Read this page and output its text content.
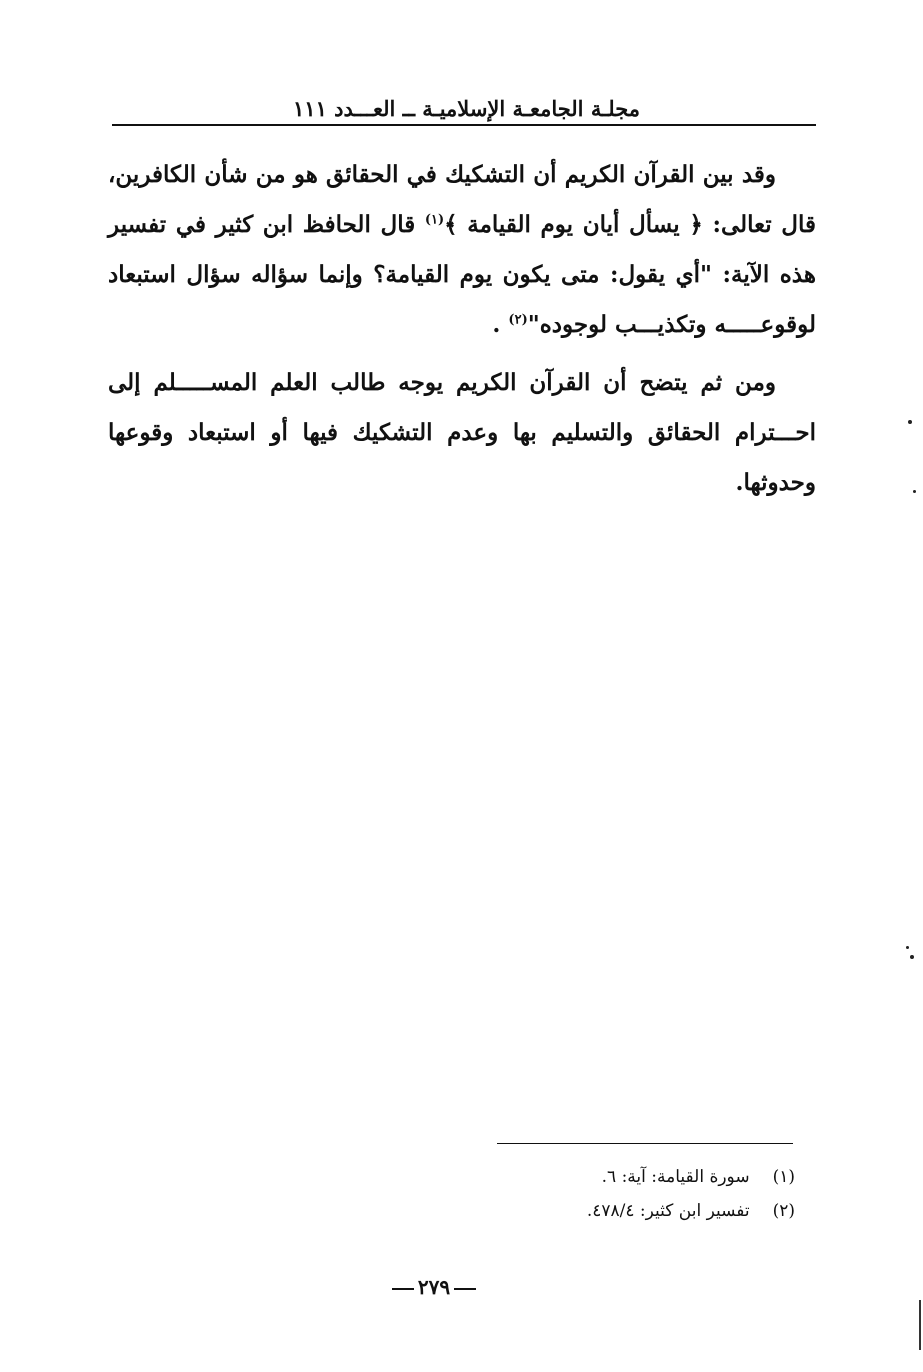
مجلـة الجامعـة الإسلاميـة ــ العـــدد ١١١

وقد بين القرآن الكريم أن التشكيك في الحقائق هو من شأن الكافرين، قال تعالى: ﴿ يسأل أيان يوم القيامة ﴾$^{(١)}$ قال الحافظ ابن كثير في تفسير هذه الآية: "أي يقول: متى يكون يوم القيامة؟ وإنما سؤاله سؤال استبعاد لوقوعـــــه وتكذيـــب لوجوده"$^{(٢)}$ .

ومن ثم يتضح أن القرآن الكريم يوجه طالب العلم المســـــلم إلى احـــترام الحقائق والتسليم بها وعدم التشكيك فيها أو استبعاد وقوعها وحدوثها.

(١) سورة القيامة: آية: ٦.
(٢) تفسير ابن كثير: ٤٧٨/٤.
٢٧٩
